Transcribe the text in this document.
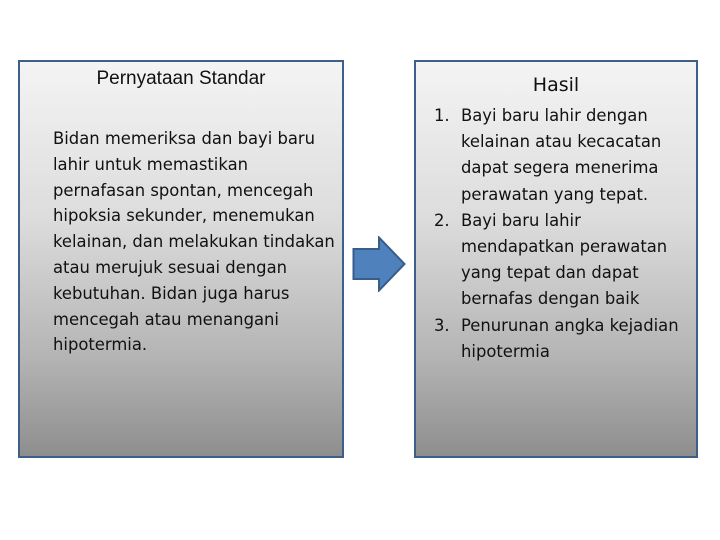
Pernyataan Standar
Bidan memeriksa dan bayi baru lahir untuk memastikan pernafasan spontan, mencegah hipoksia sekunder, menemukan kelainan, dan melakukan tindakan atau merujuk sesuai dengan kebutuhan. Bidan juga harus mencegah atau menangani hipotermia.
Hasil
1. Bayi baru lahir dengan kelainan atau kecacatan dapat segera menerima perawatan yang tepat.
2. Bayi baru lahir mendapatkan perawatan yang tepat dan dapat bernafas dengan baik
3. Penurunan angka kejadian hipotermia
